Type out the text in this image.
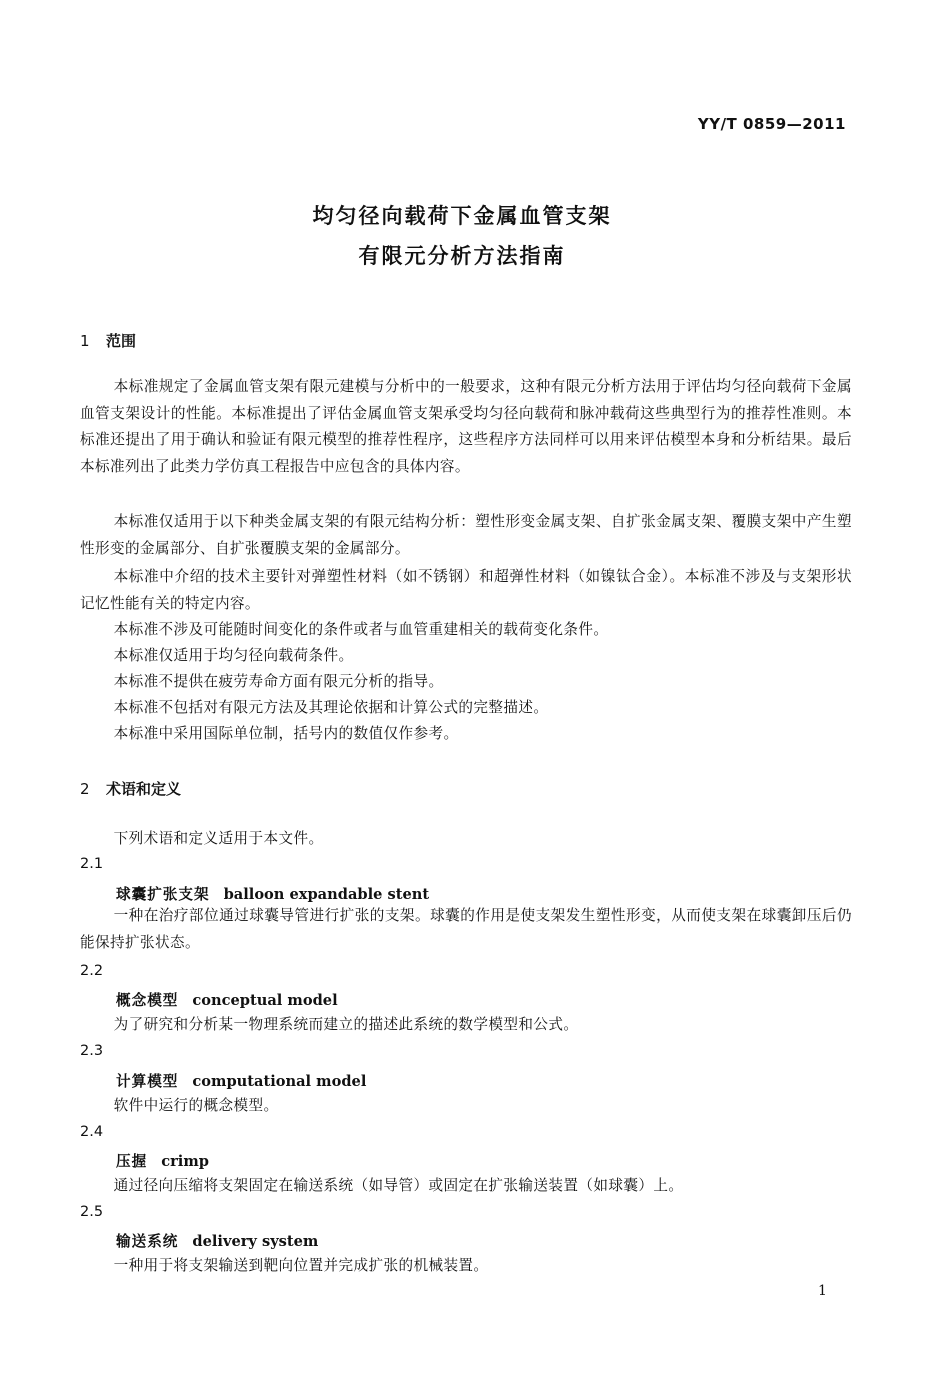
YY/T 0859—2011
均匀径向载荷下金属血管支架
有限元分析方法指南
1 范围
本标准规定了金属血管支架有限元建模与分析中的一般要求，这种有限元分析方法用于评估均匀径向载荷下金属血管支架设计的性能。本标准提出了评估金属血管支架承受均匀径向载荷和脉冲载荷这些典型行为的推荐性准则。本标准还提出了用于确认和验证有限元模型的推荐性程序，这些程序方法同样可以用来评估模型本身和分析结果。最后本标准列出了此类力学仿真工程报告中应包含的具体内容。
本标准仅适用于以下种类金属支架的有限元结构分析：塑性形变金属支架、自扩张金属支架、覆膜支架中产生塑性形变的金属部分、自扩张覆膜支架的金属部分。
本标准中介绍的技术主要针对弹塑性材料（如不锈钢）和超弹性材料（如镍钛合金）。本标准不涉及与支架形状记忆性能有关的特定内容。
本标准不涉及可能随时间变化的条件或者与血管重建相关的载荷变化条件。
本标准仅适用于均匀径向载荷条件。
本标准不提供在疲劳寿命方面有限元分析的指导。
本标准不包括对有限元方法及其理论依据和计算公式的完整描述。
本标准中采用国际单位制，括号内的数值仅作参考。
2 术语和定义
下列术语和定义适用于本文件。
2.1
球囊扩张支架 balloon expandable stent
一种在治疗部位通过球囊导管进行扩张的支架。球囊的作用是使支架发生塑性形变，从而使支架在球囊卸压后仍能保持扩张状态。
2.2
概念模型 conceptual model
为了研究和分析某一物理系统而建立的描述此系统的数学模型和公式。
2.3
计算模型 computational model
软件中运行的概念模型。
2.4
压握 crimp
通过径向压缩将支架固定在输送系统（如导管）或固定在扩张输送装置（如球囊）上。
2.5
输送系统 delivery system
一种用于将支架输送到靶向位置并完成扩张的机械装置。
1
